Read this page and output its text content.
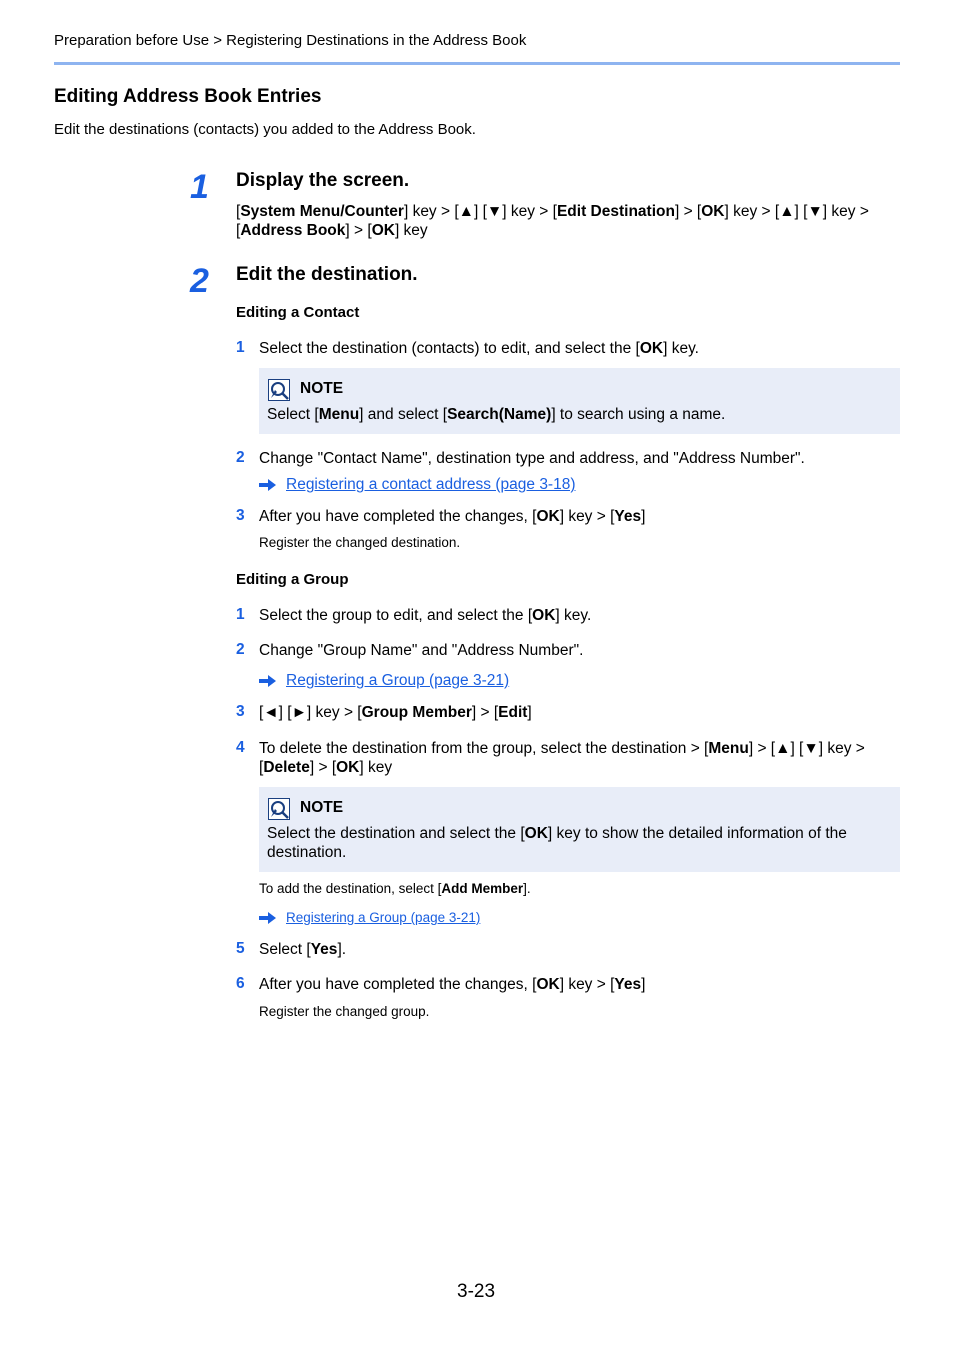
Preparation before Use > Registering Destinations in the Address Book
Editing Address Book Entries
Edit the destinations (contacts) you added to the Address Book.
1 Display the screen.
[System Menu/Counter] key > [▲] [▼] key > [Edit Destination] > [OK] key > [▲] [▼] key >
[Address Book] > [OK] key
2 Edit the destination.
Editing a Contact
1 Select the destination (contacts) to edit, and select the [OK] key.
NOTE
Select [Menu] and select [Search(Name)] to search using a name.
2 Change "Contact Name", destination type and address, and "Address Number".
Registering a contact address (page 3-18)
3 After you have completed the changes, [OK] key > [Yes]
Register the changed destination.
Editing a Group
1 Select the group to edit, and select the [OK] key.
2 Change "Group Name" and "Address Number".
Registering a Group (page 3-21)
3 [◄] [►] key > [Group Member] > [Edit]
4 To delete the destination from the group, select the destination > [Menu] > [▲] [▼] key > [Delete] > [OK] key
NOTE
Select the destination and select the [OK] key to show the detailed information of the destination.
To add the destination, select [Add Member].
Registering a Group (page 3-21)
5 Select [Yes].
6 After you have completed the changes, [OK] key > [Yes]
Register the changed group.
3-23
